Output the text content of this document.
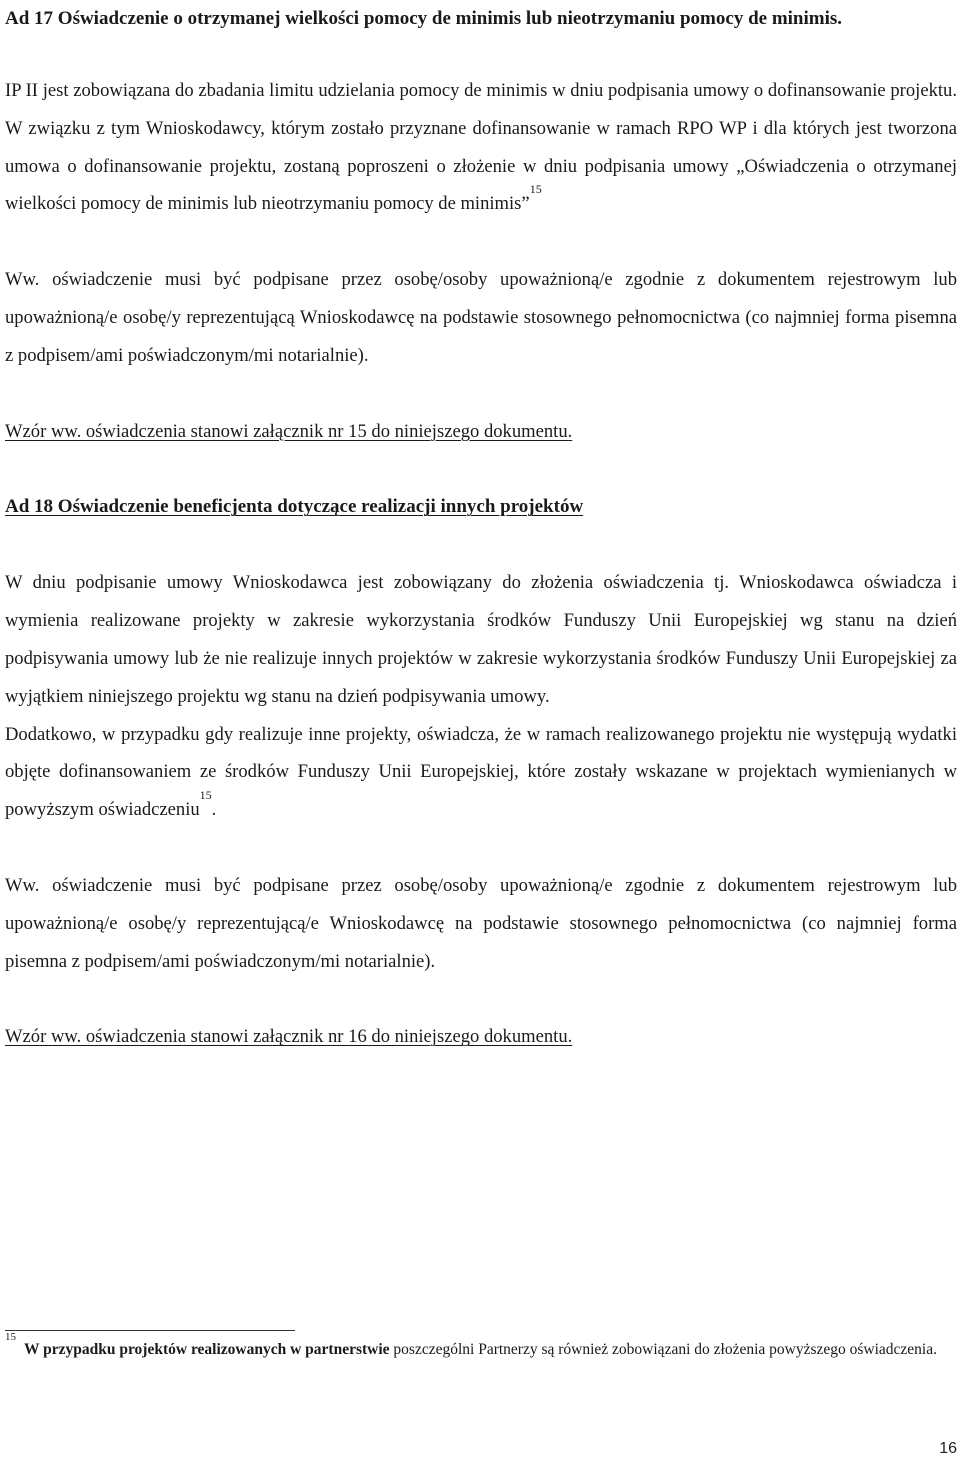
Ad 17 Oświadczenie o otrzymanej wielkości pomocy de minimis lub nieotrzymaniu pomocy de minimis.

IP II jest zobowiązana do zbadania limitu udzielania pomocy de minimis w dniu podpisania umowy o dofinansowanie projektu. W związku z tym Wnioskodawcy, którym zostało przyznane dofinansowanie w ramach RPO WP i dla których jest tworzona umowa o dofinansowanie projektu, zostaną poproszeni o złożenie w dniu podpisania umowy „Oświadczenia o otrzymanej wielkości pomocy de minimis lub nieotrzymaniu pomocy de minimis”$^{15}$

Ww. oświadczenie musi być podpisane przez osobę/osoby upoważnioną/e zgodnie z dokumentem rejestrowym lub upoważnioną/e osobę/y reprezentującą Wnioskodawcę na podstawie stosownego pełnomocnictwa (co najmniej forma pisemna z podpisem/ami poświadczonym/mi notarialnie).

Wzór ww. oświadczenia stanowi załącznik nr 15 do niniejszego dokumentu.

Ad 18 Oświadczenie beneficjenta dotyczące realizacji innych projektów

W dniu podpisanie umowy Wnioskodawca jest zobowiązany do złożenia oświadczenia tj. Wnioskodawca oświadcza i wymienia realizowane projekty w zakresie wykorzystania środków Funduszy Unii Europejskiej wg stanu na dzień podpisywania umowy lub że nie realizuje innych projektów w zakresie wykorzystania środków Funduszy Unii Europejskiej za wyjątkiem niniejszego projektu wg stanu na dzień podpisywania umowy.

Dodatkowo, w przypadku gdy realizuje inne projekty, oświadcza, że w ramach realizowanego projektu nie występują wydatki objęte dofinansowaniem ze środków Funduszy Unii Europejskiej, które zostały wskazane w projektach wymienianych w powyższym oświadczeniu$^{15}$.

Ww. oświadczenie musi być podpisane przez osobę/osoby upoważnioną/e zgodnie z dokumentem rejestrowym lub upoważnioną/e osobę/y reprezentującą/e Wnioskodawcę na podstawie stosownego pełnomocnictwa (co najmniej forma pisemna z podpisem/ami poświadczonym/mi notarialnie).

Wzór ww. oświadczenia stanowi załącznik nr 16 do niniejszego dokumentu.

$^{15}$W przypadku projektów realizowanych w partnerstwie poszczególni Partnerzy są również zobowiązani do złożenia powyższego oświadczenia.

16
